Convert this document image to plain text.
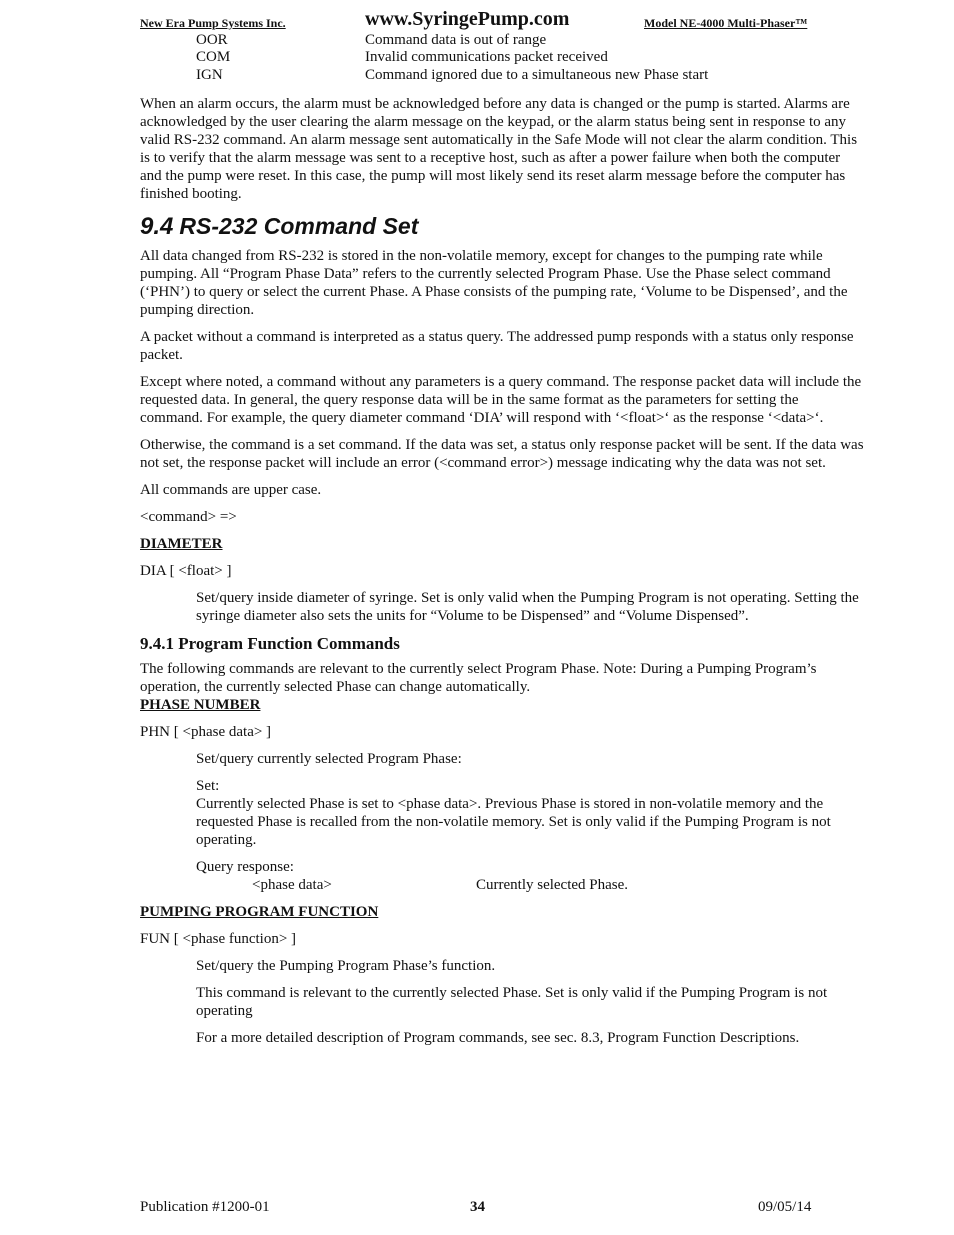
New Era Pump Systems Inc.	www.SyringePump.com	Model NE-4000 Multi-Phaser™
OOR	Command data is out of range
COM	Invalid communications packet received
IGN	Command ignored due to a simultaneous new Phase start

When an alarm occurs, the alarm must be acknowledged before any data is changed or the pump is started. Alarms are acknowledged by the user clearing the alarm message on the keypad, or the alarm status being sent in response to any valid RS-232 command. An alarm message sent automatically in the Safe Mode will not clear the alarm condition. This is to verify that the alarm message was sent to a receptive host, such as after a power failure when both the computer and the pump were reset. In this case, the pump will most likely send its reset alarm message before the computer has finished booting.

9.4 RS-232 Command Set

All data changed from RS-232 is stored in the non-volatile memory, except for changes to the pumping rate while pumping. All “Program Phase Data” refers to the currently selected Program Phase. Use the Phase select command (‘PHN’) to query or select the current Phase. A Phase consists of the pumping rate, ‘Volume to be Dispensed’, and the pumping direction.

A packet without a command is interpreted as a status query. The addressed pump responds with a status only response packet.

Except where noted, a command without any parameters is a query command. The response packet data will include the requested data. In general, the query response data will be in the same format as the parameters for setting the command. For example, the query diameter command ‘DIA’ will respond with ‘<float>‘ as the response ‘<data>‘.

Otherwise, the command is a set command. If the data was set, a status only response packet will be sent. If the data was not set, the response packet will include an error (<command error>) message indicating why the data was not set.

All commands are upper case.

<command> =>

DIAMETER

DIA [ <float> ]

Set/query inside diameter of syringe. Set is only valid when the Pumping Program is not operating. Setting the syringe diameter also sets the units for “Volume to be Dispensed” and “Volume Dispensed”.

9.4.1 Program Function Commands

The following commands are relevant to the currently select Program Phase. Note: During a Pumping Program’s operation, the currently selected Phase can change automatically.

PHASE NUMBER

PHN [ <phase data> ]

Set/query currently selected Program Phase:

Set:
Currently selected Phase is set to <phase data>. Previous Phase is stored in non-volatile memory and the requested Phase is recalled from the non-volatile memory. Set is only valid if the Pumping Program is not operating.
Query response:
<phase data>	Currently selected Phase.

PUMPING PROGRAM FUNCTION

FUN [ <phase function> ]

Set/query the Pumping Program Phase’s function.

This command is relevant to the currently selected Phase. Set is only valid if the Pumping Program is not operating

For a more detailed description of Program commands, see sec. 8.3, Program Function Descriptions.

Publication #1200-01	34	09/05/14
